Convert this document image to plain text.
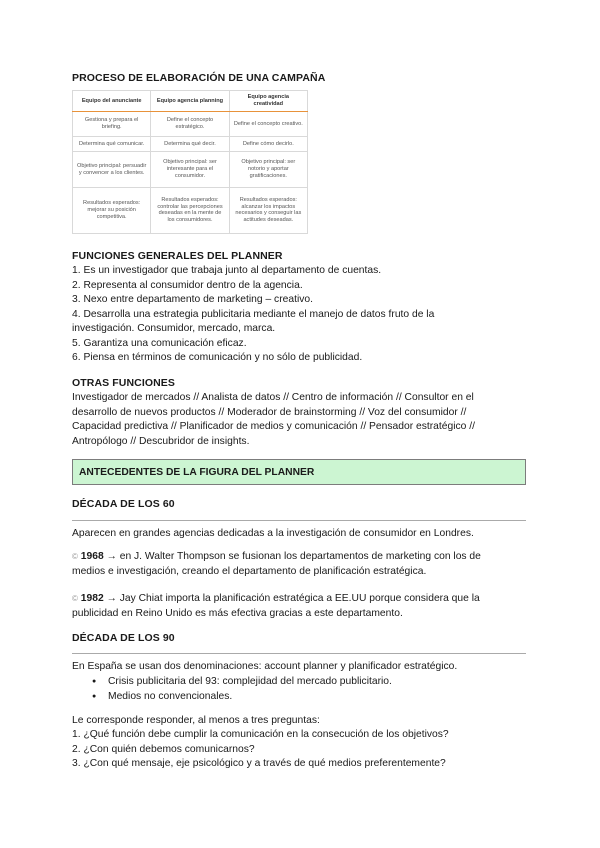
PROCESO DE ELABORACIÓN DE UNA CAMPAÑA
Equipo del anunciante	Equipo agencia planning	Equipo agencia creatividad
Gestiona y prepara el briefing.	Define el concepto estratégico.	Define el concepto creativo.
Determina qué comunicar.	Determina qué decir.	Define cómo decirlo.
Objetivo principal: persuadir y convencer a los clientes.	Objetivo principal: ser interesante para el consumidor.	Objetivo principal: ser notorio y aportar gratificaciones.
Resultados esperados: mejorar su posición competitiva.	Resultados esperados: controlar las percepciones deseadas en la mente de los consumidores.	Resultados esperados: alcanzar los impactos necesarios y conseguir las actitudes deseadas.
FUNCIONES GENERALES DEL PLANNER
1. Es un investigador que trabaja junto al departamento de cuentas.
2. Representa al consumidor dentro de la agencia.
3. Nexo entre departamento de marketing – creativo.
4. Desarrolla una estrategia publicitaria mediante el manejo de datos fruto de la
investigación. Consumidor, mercado, marca.
5. Garantiza una comunicación eficaz.
6. Piensa en términos de comunicación y no sólo de publicidad.
OTRAS FUNCIONES
Investigador de mercados // Analista de datos // Centro de información // Consultor en el
desarrollo de nuevos productos // Moderador de brainstorming // Voz del consumidor //
Capacidad predictiva // Planificador de medios y comunicación // Pensador estratégico //
Antropólogo // Descubridor de insights.
ANTECEDENTES DE LA FIGURA DEL PLANNER
DÉCADA DE LOS 60
Aparecen en grandes agencias dedicadas a la investigación de consumidor en Londres.
© 1968 → en J. Walter Thompson se fusionan los departamentos de marketing con los de
medios e investigación, creando el departamento de planificación estratégica.
© 1982 → Jay Chiat importa la planificación estratégica a EE.UU porque considera que la
publicidad en Reino Unido es más efectiva gracias a este departamento.
DÉCADA DE LOS 90
En España se usan dos denominaciones: account planner y planificador estratégico.
● Crisis publicitaria del 93: complejidad del mercado publicitario.
● Medios no convencionales.
Le corresponde responder, al menos a tres preguntas:
1. ¿Qué función debe cumplir la comunicación en la consecución de los objetivos?
2. ¿Con quién debemos comunicarnos?
3. ¿Con qué mensaje, eje psicológico y a través de qué medios preferentemente?
